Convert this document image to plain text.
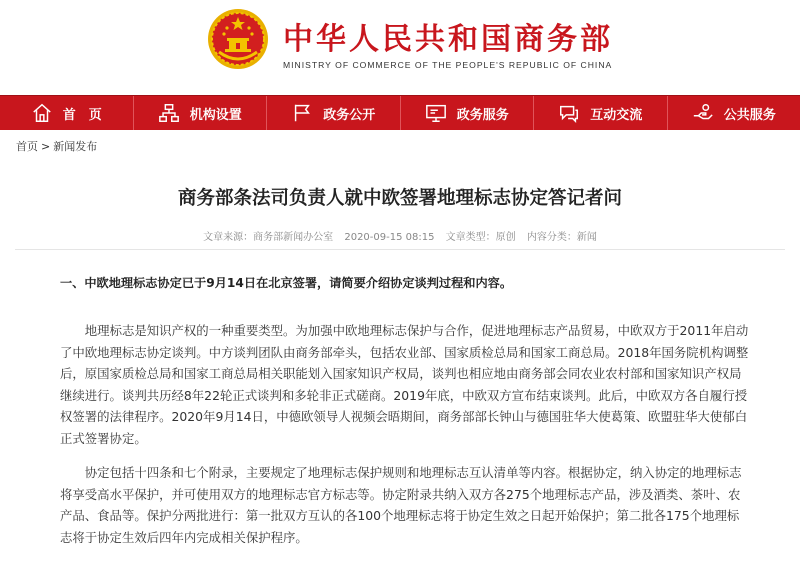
中华人民共和国商务部
MINISTRY OF COMMERCE OF THE PEOPLE'S REPUBLIC OF CHINA
首　页	机构设置	政务公开	政务服务	互动交流	公共服务
首页 > 新闻发布
商务部条法司负责人就中欧签署地理标志协定答记者问
文章来源：商务部新闻办公室 2020-09-15 08:15 文章类型：原创 内容分类：新闻
一、中欧地理标志协定已于9月14日在北京签署，请简要介绍协定谈判过程和内容。

地理标志是知识产权的一种重要类型。为加强中欧地理标志保护与合作，促进地理标志产品贸易，中欧双方于2011年启动了中欧地理标志协定谈判。中方谈判团队由商务部牵头，包括农业部、国家质检总局和国家工商总局。2018年国务院机构调整后，原国家质检总局和国家工商总局相关职能划入国家知识产权局，谈判也相应地由商务部会同农业农村部和国家知识产权局继续进行。谈判共历经8年22轮正式谈判和多轮非正式磋商。2019年底，中欧双方宣布结束谈判。此后，中欧双方各自履行授权签署的法律程序。2020年9月14日，中德欧领导人视频会晤期间，商务部部长钟山与德国驻华大使葛策、欧盟驻华大使郁白正式签署协定。

协定包括十四条和七个附录，主要规定了地理标志保护规则和地理标志互认清单等内容。根据协定，纳入协定的地理标志将享受高水平保护，并可使用双方的地理标志官方标志等。协定附录共纳入双方各275个地理标志产品，涉及酒类、茶叶、农产品、食品等。保护分两批进行：第一批双方互认的各100个地理标志将于协定生效之日起开始保护；第二批各175个地理标志将于协定生效后四年内完成相关保护程序。
